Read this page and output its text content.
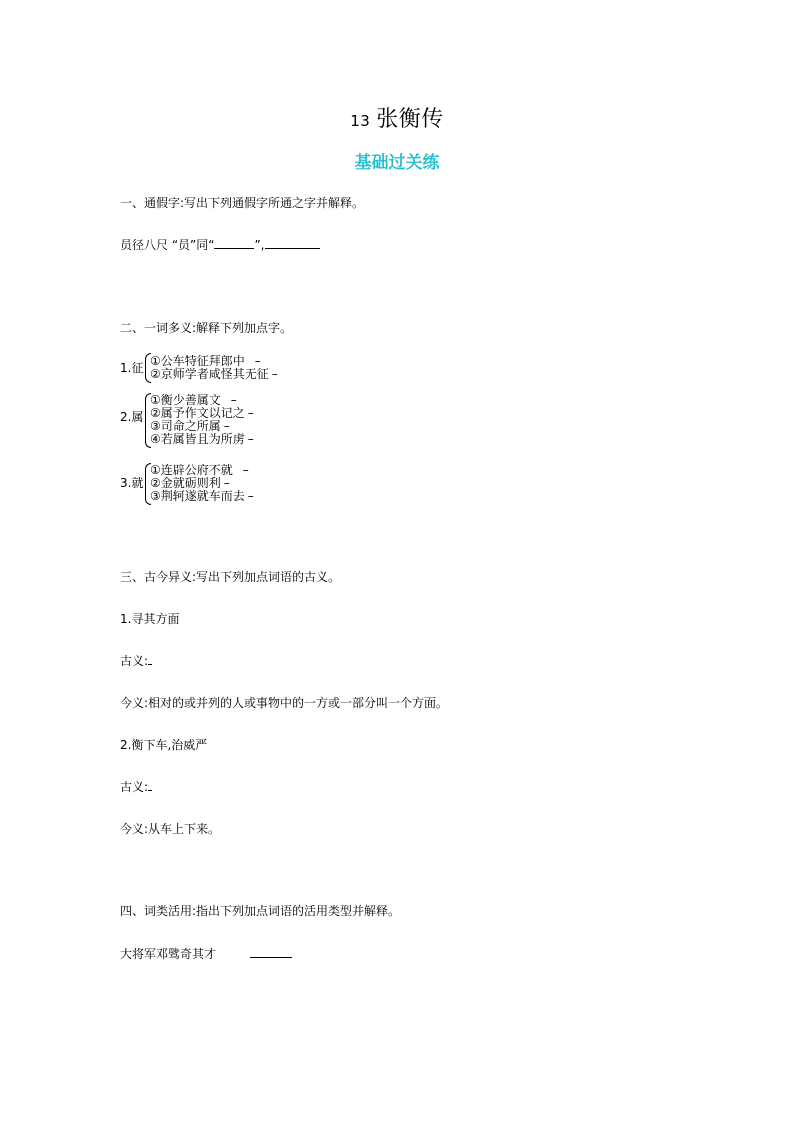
13 张衡传
基础过关练
一、通假字:写出下列通假字所通之字并解释。
员径八尺 “员”同“	”,
二、一词多义:解释下列加点字。
1.征 ①公车特征拜郎中 –
②京师学者咸怪其无征 –
2.属
①衡少善属文 –
②属予作文以记之 –
③司命之所属 –
④若属皆且为所虏 –
3.就
①连辟公府不就 –
②金就砺则利 –
③荆轲遂就车而去 –
三、古今异义:写出下列加点词语的古义。
1.寻其方面
古义:
今义:相对的或并列的人或事物中的一方或一部分叫一个方面。
2.衡下车,治威严
古义:
今义:从车上下来。
四、词类活用:指出下列加点词语的活用类型并解释。
大将军邓骘奇其才
